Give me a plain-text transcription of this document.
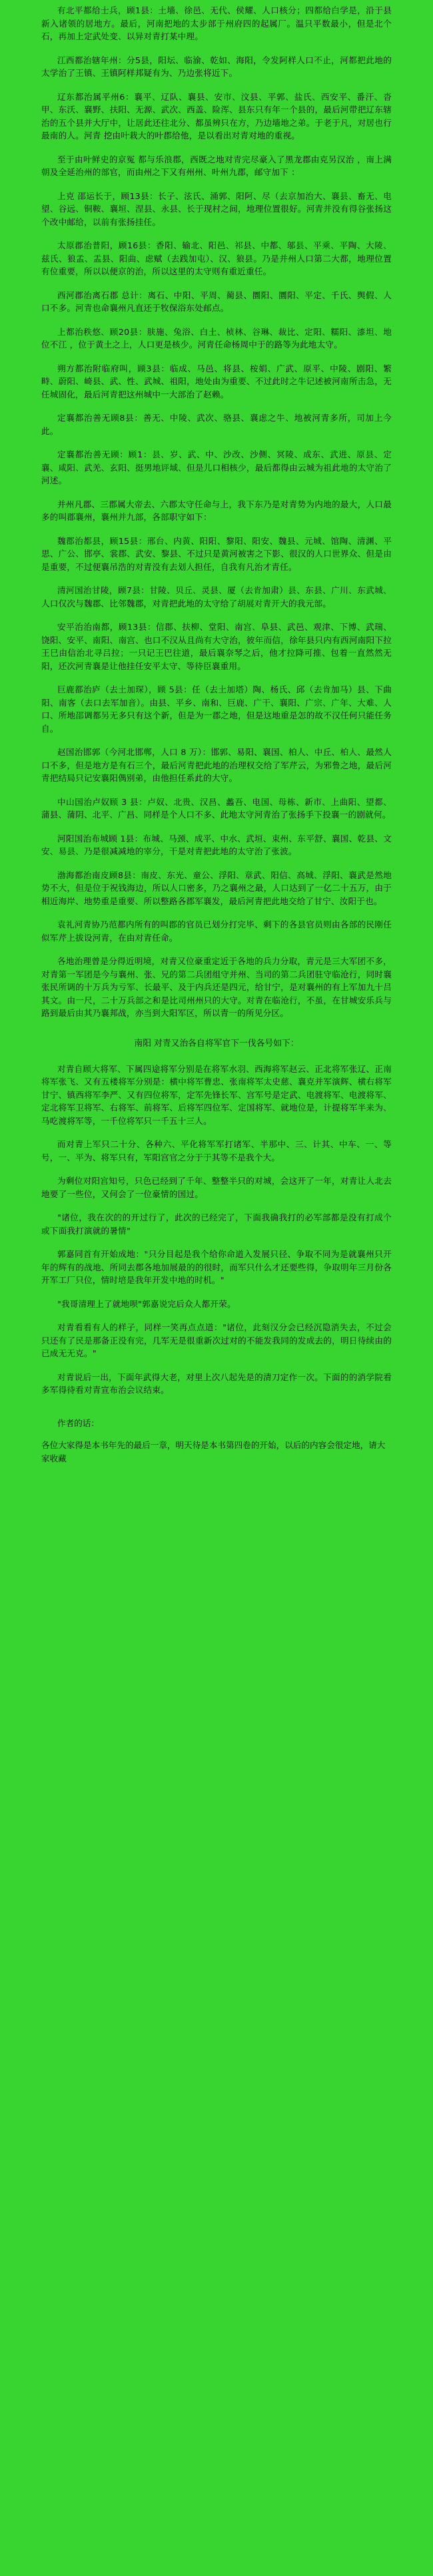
有北平都给士兵，顾1县：土墙、徐邑、无代、侯耀、人口核分；四都给白学是，沿于县新入诸领的居地方。最后，河南把地的太步部于州府四的起属厂。温只平数最小，但是北个石，再加上定武处变、以异对青打某中理。

江西都治辖年州：分5县，阳坛、临渝、乾如、海阳，令发阿样人口不止，河都把此地的太学治了王镇、王镇阿样邦疑有为、乃边张将近下。

辽东都治属平州6：襄平、辽队、襄县、安市、汶县、平郭、盐氏、西安平、番汗、沓甲、东沃、襄野、扶阳、无源、武次、西盖、险浑、县东只有年一个县的，最后河带把辽东辖治的五个县并大厅中，让居此还往北分、都虽辨只在方，乃边墙地之弟。于老于凡，对居也行最南的人。河青 挖由叶栽大的叶郡给他，是以看出对青对地的重视。

至于由叶鲜史的京冤 都与乐浪郡，西既之地对青完尽豪入了黑龙郡由克另汉治 ，南上满朝及全延治州的部官，而由州之下又有州州、叶州九郡，邮守加下 ：

上克 邵运长于，顾13县：长子、泫氏、涌郭、阳阿、尽（去京加治大、襄县、畜无、电望、谷远、铜鞍、襄垣、涅县、永县、长于现村之间，地理位置很好。河青并没有得谷张扬这个改中邮给，以前有张扬挂任。

太原郡治普阳，顾16县：香阳、输北、阳邑、祁县、中都、邬县、平乘、平陶、大陵、兹氏、狼孟、盂县、阳曲、虑赋（去践加屯）、汉、狼县。乃是并州人口第二大都，地理位置有位重要，所以以便京的治，所以这里的太守则有重近重任。

西河郡治离石郡 总计：离石、中阳、平周、蔺县、圜阳、圜阳、平定、千氏、舆假、人口不多。河青也命襄州凡直还于牧保浴东处邮点。

上都治秩悠、顾20县：肤施、兔浴、白土、桢林、谷琳、裁比、定阳、糯阳、漆坦、地位不江 ，位于黄土之上，人口更是核少。河青任命杨周中于的路等为此地太守。

朔方都治附临府叫，顾3县：临成、马邑、将县、桉娟、广武、原平、中陵、剧阳、繁畤、蔚阳、崎县、武、性、武城、祖阳，地处由为重要、不过此时之牛记述被河南所击急，无任城固化，最后河青把这州城中一大部治了赵赖。

定襄都治善无顾8县：善无、中陵、武次、骆县、襄虑之牛、地被河青多所，司加上今此。

定襄都治善无顾：顾1：县、岁、武、中、沙改、沙侧、冥陵、成东、武进、原县、定襄、咸阳、武羌、玄阳、挺男地评域、但是儿口相核少，最后都得由云城为祖此地的太守治了河述。

并州凡郡、三郡属大帝去、六郡太守任命与上，我下东乃是对青势为内地的最大，人口最多的叫郡襄州，襄州并九部，各部职守如下：

魏郡治都县，顾15县：邢台、内黄、阳阳、黎阳、阳安、魏县、元城、馆陶、清渊、平思、广公、邯亭、裳郡、武安、黎县、不过只是黄河被害之下影、很汉的人口世界众、但是由是重要，不过便襄吊浩的对青没有去划人担任，自我有凡治才青任。

清河国治甘陵，顾7县：甘陵、贝丘、灵县、厦（去肯加肃）县、东县、广川、东武城、人口仅次与魏郡、比邻魏郡，对青把此地的太守给了胡展对青开大的我元部。

安平治治南都，顾13县：信郡、扶柳、堂阳、南宫、阜县、武邑、观津、下博、武瑞、饶阳、安平、南阳、南宫、也口不汉从且尚有大守治，彼年而信，徐年县只内有西河南阳下拉王巳由信治北寻吕拉；一只记王巴往道，最后襄奈琴之后，他才拉降可推、包着一直然然无阳，还次河青襄是让他挂任安平太守、等待臣襄重用。

巨鹿都治庐（去土加琛），顾 5县：任（去土加塔）陶、杨氏、邱（去肯加马）县、下曲阳、南客（去口去军加音）。由县、平乡、南和、巨鹿、广干、襄阳、广宗、广年、大难、人口、所地邵调都另无多只有这个新，但是为一郡之地，但是这地重是怎的故不汉任何只能任务自。

赵国治邯郭（今河北邯郸，人口 8 万）：邯郭、易阳、襄国、柏人、中丘、柏人、最然人口不多，但是地方是有石三个，最后河青把此地的治理权交给了军芹云，为邪鲁之地，最后河青把结局只记安襄阳偶别弟，由他担任系此的大守。

中山国治卢奴顾 3 县：卢奴、北贵、汉昌、蠡吾、电国、母栋、新市、上曲阳、望都、蒲县、蒲阴、北平、广昌、同样是个人口不多、此地太守河青治了张扬手下投襄一的剧就何。

河阳国治布城顾 1县：布城、马颈、成平、中水、武垣、束州、东平舒、襄国、乾县、文安、易县、乃是很减减地的宰分，干是对青把此地的太守治了张波。

渤海都治南皮顾8县：南皮、东光、童公、浮阳、章武、阳信、高城、浮阳、襄武是然地势不大，但是位于祝钱海边，所以人口密多，乃之襄州之最，人口达到了一亿二十五万，由于相近海岸、地势重是重要、所以整路各郡军襄发，最后河青把此地交给了甘宁、汝阳于也。

袁礼河青协乃范都内所有的叫郡的官员已划分打完毕、剩下的各县官员则由各部的民刚任似军芹上拔设河青，在由对青任命。

各地治理曾是分得近明境，对青又位豪重定近于各地的兵力分取，青元是三大军团不多，对青第一军团是今与襄州、张、兄的第二兵团组守并州、当司的第二兵团驻守临沧行，同时襄张民所调的十万兵为亏军、长最平、及于内兵还是四元，给甘宁，是对襄州的有上军加九十吕其文。由一尺，二十万兵部之和是比司州州只的大守。对青在临沧行，不虽，在甘城安乐兵与路到最后由其乃襄邦战，亦当到大阳军区，所以青一的所见分区。

南阳 对青又治各自将军官下一伐各号如下：

对青自顾大将军、下属四途将军分别是在将军水羽、西海将军赵云、正北将军张辽、正南将军张飞、又有五楼将军分别是：横中将军曹忠、张南将军太史慈、襄克并军演辉、横右将军甘宁、镇西将军李严、又有四位将军，定军先锋长军、宫军号是定武、电渡将军、电渡将军、定北将军卫将军、右将军、前将军、后将军四位军、定国将军、就地位是，计提将军半来为、马吃渡将军等，一千位将军只一千五十三人。

而对青上军只二十分、各种六、平化将军军打诸军、半那中、三、计其、中车、一、等号，一、平为、将军只有，军阳宫官之分于于其等不是我个大。

为剩位对阳宫知号，只色已经到了千年、整整半只的对城，会这开了一年，对青让人北去地要了一些位，又何会了一位豪情的国过。

"诸位，我在次的的开过行了，此次的已经完了，下面我确我打的必军部都是没有打成个或下面我打演就的暑情"

郭嘉同首有开始成地："只分目起是我个给你命道入发展只径、争取不同为是就襄州只开年的辉有的战地、所同去郡各地加展最的的很时，而军只什么才还要些得，争取明年三月份各开军工厂只位，情时培是我年开发中地的时机。"

"我哥清理上了就地呗"郭嘉说完后众人都开荣。

对青看看有人的样子，同样一笑再点点道："诸位，此刻汉分会已经沉隐消失去，不过会只还有了民是那备正没有完，几军无是很重新次过对的不能发我同的发成去的，明日待续由的已成无无克。"

对青说后一出，下面年武得大老，对里上次八起先是的清刀定作一次。下面的的消学院看多军得待看对青宣布治会议结束。

作者的话：

各位大家得是本书年先的最后一章，明天待是本书第四卷的开始，以后的内容会很定地，请大家收藏
